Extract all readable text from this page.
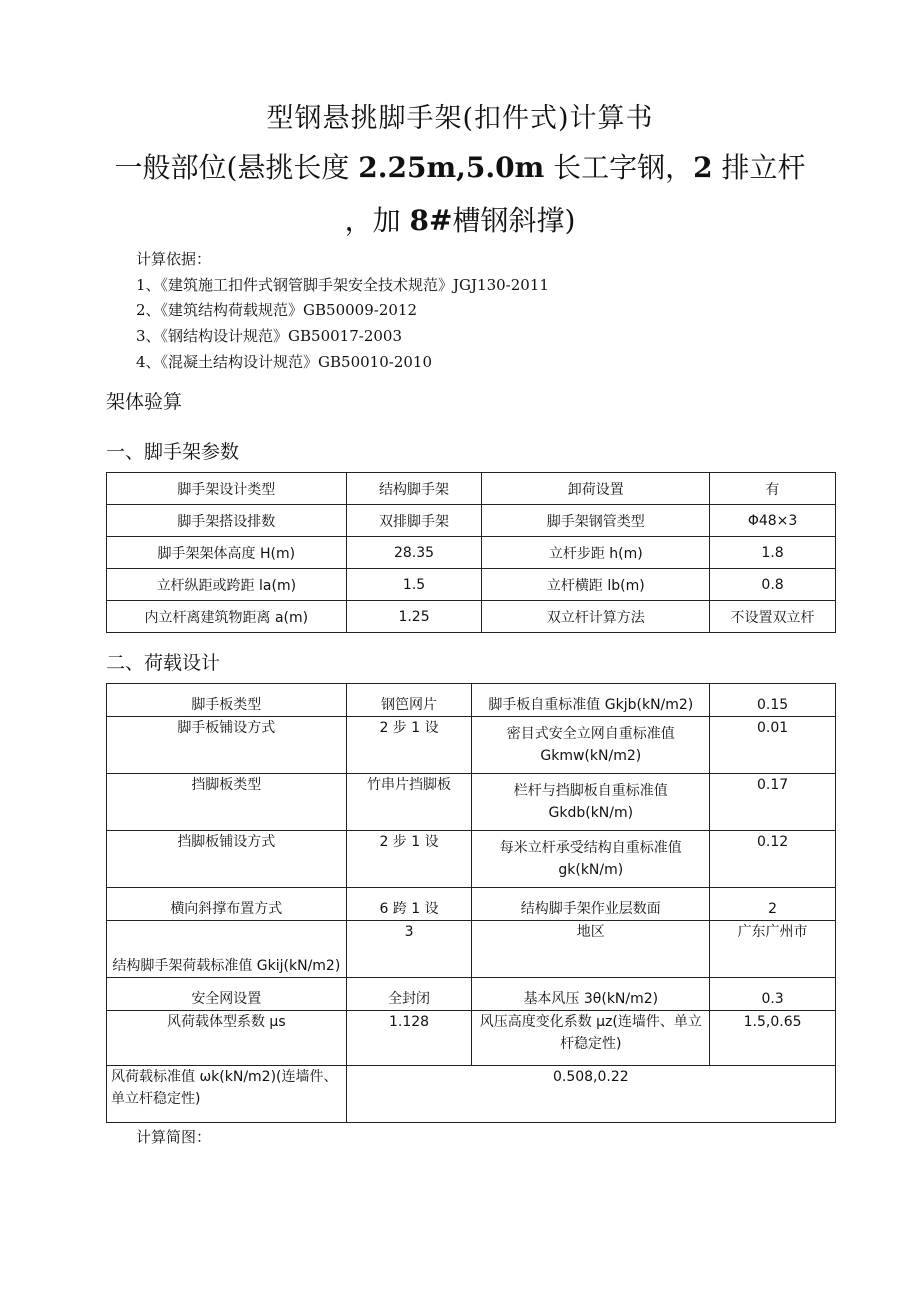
型钢悬挑脚手架(扣件式)计算书
一般部位(悬挑长度 2.25m,5.0m 长工字钢，2 排立杆
，加 8#槽钢斜撑)
计算依据：
1、《建筑施工扣件式钢管脚手架安全技术规范》JGJ130-2011
2、《建筑结构荷载规范》GB50009-2012
3、《钢结构设计规范》GB50017-2003
4、《混凝土结构设计规范》GB50010-2010
架体验算
一、脚手架参数
脚手架设计类型	结构脚手架	卸荷设置	有
脚手架搭设排数	双排脚手架	脚手架钢管类型	Φ48×3
脚手架架体高度 H(m)	28.35	立杆步距 h(m)	1.8
立杆纵距或跨距 la(m)	1.5	立杆横距 lb(m)	0.8
内立杆离建筑物距离 a(m)	1.25	双立杆计算方法	不设置双立杆
二、荷载设计
脚手板类型	钢笆网片	脚手板自重标准值 Gkjb(kN/m2)	0.15
脚手板铺设方式	2 步 1 设	密目式安全立网自重标准值 Gkmw(kN/m2)	0.01
挡脚板类型	竹串片挡脚板	栏杆与挡脚板自重标准值 Gkdb(kN/m)	0.17
挡脚板铺设方式	2 步 1 设	每米立杆承受结构自重标准值 gk(kN/m)	0.12
横向斜撑布置方式	6 跨 1 设	结构脚手架作业层数面	2
结构脚手架荷载标准值 Gkij(kN/m2)	3	地区	广东广州市
安全网设置	全封闭	基本风压 3θ(kN/m2)	0.3
风荷载体型系数 μs	1.128	风压高度变化系数 μz(连墙件、单立杆稳定性)	1.5,0.65
风荷载标准值 ωk(kN/m2)(连墙件、单立杆稳定性)	0.508,0.22		
计算简图：
